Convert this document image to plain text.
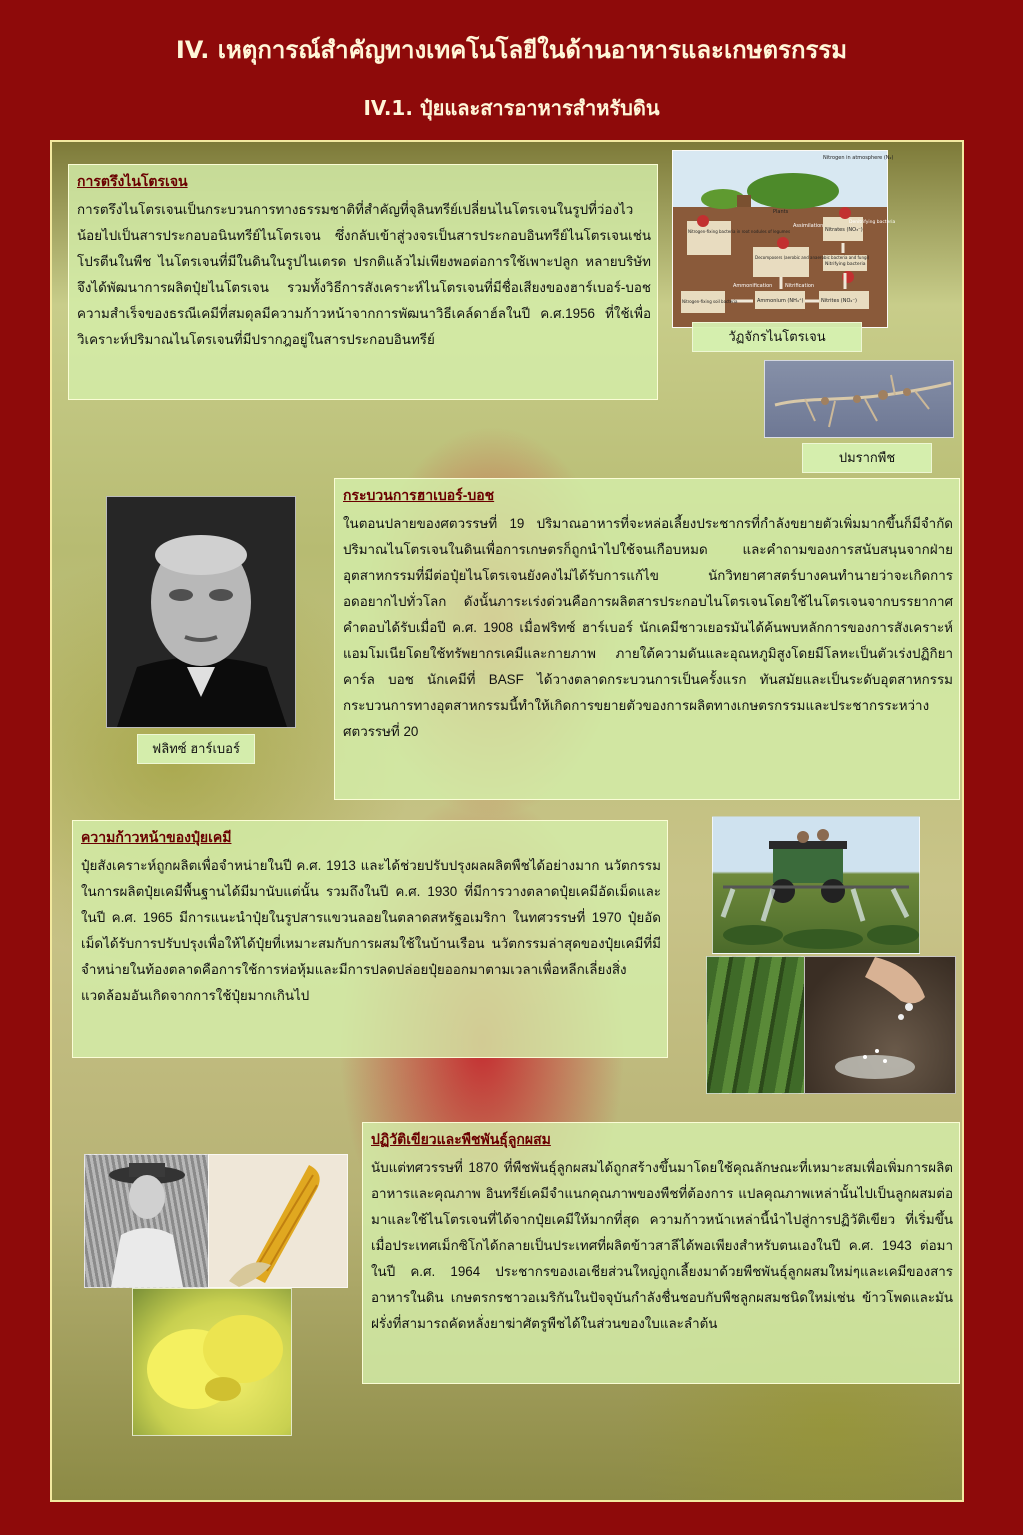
IV. เหตุการณ์สำคัญทางเทคโนโลยีในด้านอาหารและเกษตรกรรม
IV.1. ปุ๋ยและสารอาหารสำหรับดิน
การตรึงไนโตรเจน

การตรึงไนโตรเจนเป็นกระบวนการทางธรรมชาติที่สำคัญที่จุลินทรีย์เปลี่ยนไนโตรเจนในรูปที่ว่องไวน้อยไปเป็นสารประกอบอนินทรีย์ไนโตรเจน ซึ่งกลับเข้าสู่วงจรเป็นสารประกอบอินทรีย์ไนโตรเจนเช่นโปรตีนในพืช ไนโตรเจนที่มีในดินในรูปไนเตรด ปรกติแล้วไม่เพียงพอต่อการใช้เพาะปลูก หลายบริษัทจึงได้พัฒนาการผลิตปุ๋ยไนโตรเจน รวมทั้งวิธีการสังเคราะห์ไนโตรเจนที่มีชื่อเสียงของฮาร์เบอร์-บอช ความสำเร็จของธรณีเคมีที่สมดุลมีความก้าวหน้าจากการพัฒนาวิธีเคล์ดาฮ์ลในปี ค.ศ.1956 ที่ใช้เพื่อวิเคราะห์ปริมาณไนโตรเจนที่มีปรากฎอยู่ในสารประกอบอินทรีย์

Nitrogen in atmosphere (N₂)
Plants
Assimilation
Denitrifying bacteria
Nitrogen-fixing bacteria in root nodules of legumes
Decomposers (aerobic and anaerobic bacteria and fungi)
Nitrates (NO₃⁻)
Ammonification	Nitrification
Nitrifying bacteria
Nitrogen-fixing soil bacteria	Ammonium (NH₄⁺)	Nitrites (NO₂⁻)
วัฏจักรไนโตรเจน
ปมรากพืช
ฟลิทซ์ ฮาร์เบอร์
กระบวนการฮาเบอร์-บอช

ในตอนปลายของศตวรรษที่ 19 ปริมาณอาหารที่จะหล่อเลี้ยงประชากรที่กำลังขยายตัวเพิ่มมากขึ้นก็มีจำกัด ปริมาณไนโตรเจนในดินเพื่อการเกษตรก็ถูกนำไปใช้จนเกือบหมด และคำถามของการสนับสนุนจากฝ่ายอุตสาหกรรมที่มีต่อปุ๋ยไนโตรเจนยังคงไม่ได้รับการแก้ไข นักวิทยาศาสตร์บางคนทำนายว่าจะเกิดการอดอยากไปทั่วโลก ดังนั้นภาระเร่งด่วนคือการผลิตสารประกอบไนโตรเจนโดยใช้ไนโตรเจนจากบรรยากาศ คำตอบได้รับเมื่อปี ค.ศ. 1908 เมื่อฟริทซ์ ฮาร์เบอร์ นักเคมีชาวเยอรมันได้ค้นพบหลักการของการสังเคราะห์แอมโมเนียโดยใช้ทรัพยากรเคมีและกายภาพ ภายใต้ความดันและอุณหภูมิสูงโดยมีโลหะเป็นตัวเร่งปฏิกิยา คาร์ล บอช นักเคมีที่ BASF ได้วางตลาดกระบวนการเป็นครั้งแรก ทันสมัยและเป็นระดับอุตสาหกรรม กระบวนการทางอุตสาหกรรมนี้ทำให้เกิดการขยายตัวของการผลิตทางเกษตรกรรมและประชากรระหว่างศตวรรษที่ 20

ความก้าวหน้าของปุ๋ยเคมี

ปุ๋ยสังเคราะห์ถูกผลิตเพื่อจำหน่ายในปี ค.ศ. 1913 และได้ช่วยปรับปรุงผลผลิตพืชได้อย่างมาก นวัตกรรมในการผลิตปุ๋ยเคมีพื้นฐานได้มีมานับแต่นั้น รวมถึงในปี ค.ศ. 1930 ที่มีการวางตลาดปุ๋ยเคมีอัดเม็ดและในปี ค.ศ. 1965 มีการแนะนำปุ๋ยในรูปสารแขวนลอยในตลาดสหรัฐอเมริกา ในทศวรรษที่ 1970 ปุ๋ยอัดเม็ดได้รับการปรับปรุงเพื่อให้ได้ปุ๋ยที่เหมาะสมกับการผสมใช้ในบ้านเรือน นวัตกรรมล่าสุดของปุ๋ยเคมีที่มีจำหน่ายในท้องตลาดคือการใช้การห่อหุ้มและมีการปลดปล่อยปุ๋ยออกมาตามเวลาเพื่อหลีกเลี่ยงสิ่งแวดล้อมอันเกิดจากการใช้ปุ๋ยมากเกินไป

ปฏิวัติเขียวและพืชพันธุ์ลูกผสม

นับแต่ทศวรรษที่ 1870 ที่พืชพันธุ์ลูกผสมได้ถูกสร้างขึ้นมาโดยใช้คุณลักษณะที่เหมาะสมเพื่อเพิ่มการผลิตอาหารและคุณภาพ อินทรีย์เคมีจำแนกคุณภาพของพืชที่ต้องการ แปลคุณภาพเหล่านั้นไปเป็นลูกผสมต่อมาและใช้ไนโตรเจนที่ได้จากปุ๋ยเคมีให้มากที่สุด ความก้าวหน้าเหล่านี้นำไปสู่การปฏิวัติเขียว ที่เริ่มขึ้นเมื่อประเทศเม็กซิโกได้กลายเป็นประเทศที่ผลิตข้าวสาลีได้พอเพียงสำหรับตนเองในปี ค.ศ. 1943 ต่อมาในปี ค.ศ. 1964 ประชากรของเอเชียส่วนใหญ่ถูกเลี้ยงมาด้วยพืชพันธุ์ลูกผสมใหม่ๆและเคมีของสารอาหารในดิน เกษตรกรชาวอเมริกันในปัจจุบันกำลังชื่นชอบกับพืชลูกผสมชนิดใหม่เช่น ข้าวโพดและมันฝรั่งที่สามารถคัดหลั่งยาฆ่าศัตรูพืชได้ในส่วนของใบและลำต้น
